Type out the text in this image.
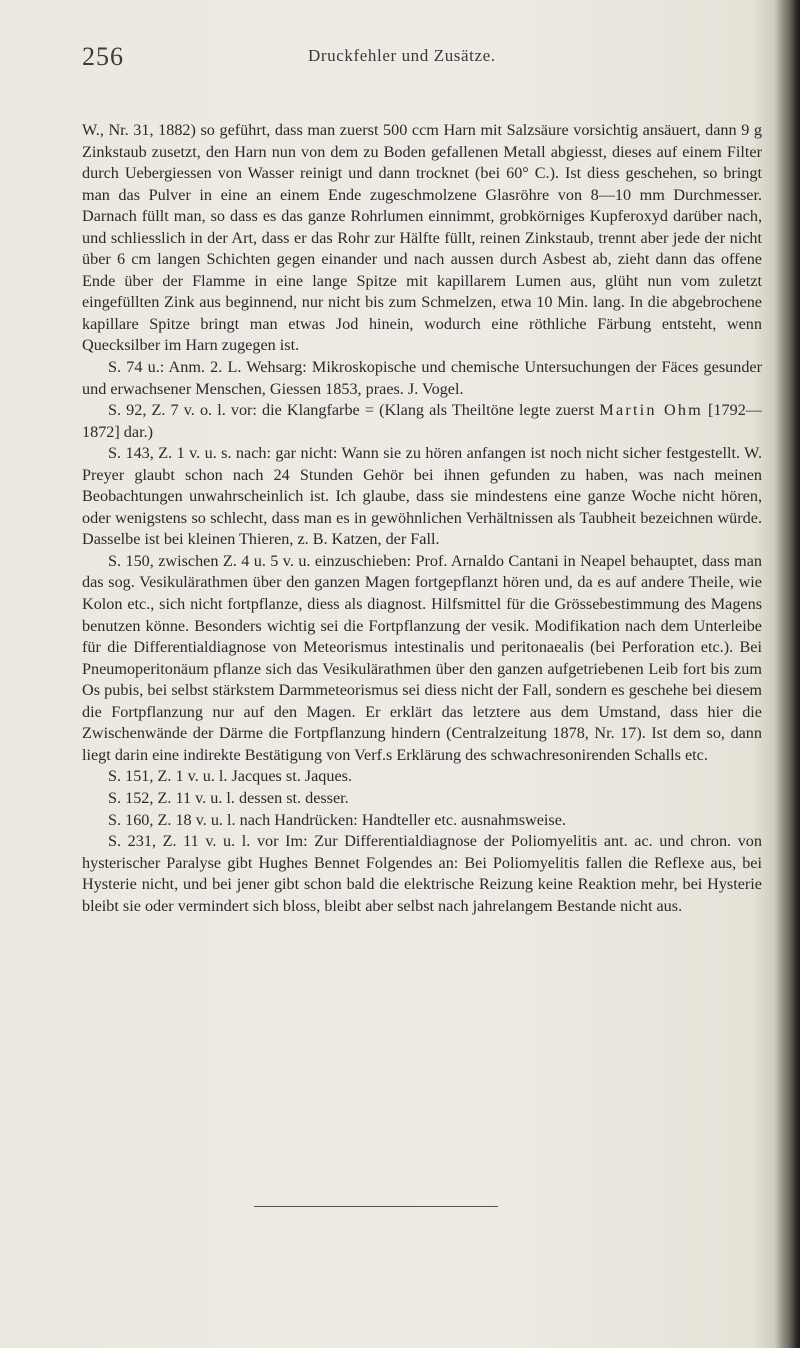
256	Druckfehler und Zusätze.

W., Nr. 31, 1882) so geführt, dass man zuerst 500 ccm Harn mit Salzsäure vorsichtig ansäuert, dann 9 g Zinkstaub zusetzt, den Harn nun von dem zu Boden gefallenen Metall abgiesst, dieses auf einem Filter durch Uebergiessen von Wasser reinigt und dann trocknet (bei 60° C.). Ist diess geschehen, so bringt man das Pulver in eine an einem Ende zugeschmolzene Glasröhre von 8—10 mm Durchmesser. Darnach füllt man, so dass es das ganze Rohrlumen einnimmt, grobkörniges Kupferoxyd darüber nach, und schliesslich in der Art, dass er das Rohr zur Hälfte füllt, reinen Zinkstaub, trennt aber jede der nicht über 6 cm langen Schichten gegen einander und nach aussen durch Asbest ab, zieht dann das offene Ende über der Flamme in eine lange Spitze mit kapillarem Lumen aus, glüht nun vom zuletzt eingefüllten Zink aus beginnend, nur nicht bis zum Schmelzen, etwa 10 Min. lang. In die abgebrochene kapillare Spitze bringt man etwas Jod hinein, wodurch eine röthliche Färbung entsteht, wenn Quecksilber im Harn zugegen ist.

S. 74 u.: Anm. 2. L. Wehsarg: Mikroskopische und chemische Untersuchungen der Fäces gesunder und erwachsener Menschen, Giessen 1853, praes. J. Vogel.

S. 92, Z. 7 v. o. l. vor: die Klangfarbe = (Klang als Theiltöne legte zuerst Martin Ohm [1792—1872] dar.)

S. 143, Z. 1 v. u. s. nach: gar nicht: Wann sie zu hören anfangen ist noch nicht sicher festgestellt. W. Preyer glaubt schon nach 24 Stunden Gehör bei ihnen gefunden zu haben, was nach meinen Beobachtungen unwahrscheinlich ist. Ich glaube, dass sie mindestens eine ganze Woche nicht hören, oder wenigstens so schlecht, dass man es in gewöhnlichen Verhältnissen als Taubheit bezeichnen würde. Dasselbe ist bei kleinen Thieren, z. B. Katzen, der Fall.

S. 150, zwischen Z. 4 u. 5 v. u. einzuschieben: Prof. Arnaldo Cantani in Neapel behauptet, dass man das sog. Vesikulärathmen über den ganzen Magen fortgepflanzt hören und, da es auf andere Theile, wie Kolon etc., sich nicht fortpflanze, diess als diagnost. Hilfsmittel für die Grössebestimmung des Magens benutzen könne. Besonders wichtig sei die Fortpflanzung der vesik. Modifikation nach dem Unterleibe für die Differentialdiagnose von Meteorismus intestinalis und peritonaealis (bei Perforation etc.). Bei Pneumoperitonäum pflanze sich das Vesikulärathmen über den ganzen aufgetriebenen Leib fort bis zum Os pubis, bei selbst stärkstem Darmmeteorismus sei diess nicht der Fall, sondern es geschehe bei diesem die Fortpflanzung nur auf den Magen. Er erklärt das letztere aus dem Umstand, dass hier die Zwischenwände der Därme die Fortpflanzung hindern (Centralzeitung 1878, Nr. 17). Ist dem so, dann liegt darin eine indirekte Bestätigung von Verf.s Erklärung des schwachresonirenden Schalls etc.

S. 151, Z. 1 v. u. l. Jacques st. Jaques.

S. 152, Z. 11 v. u. l. dessen st. desser.

S. 160, Z. 18 v. u. l. nach Handrücken: Handteller etc. ausnahmsweise.

S. 231, Z. 11 v. u. l. vor Im: Zur Differentialdiagnose der Poliomyelitis ant. ac. und chron. von hysterischer Paralyse gibt Hughes Bennet Folgendes an: Bei Poliomyelitis fallen die Reflexe aus, bei Hysterie nicht, und bei jener gibt schon bald die elektrische Reizung keine Reaktion mehr, bei Hysterie bleibt sie oder vermindert sich bloss, bleibt aber selbst nach jahrelangem Bestande nicht aus.
